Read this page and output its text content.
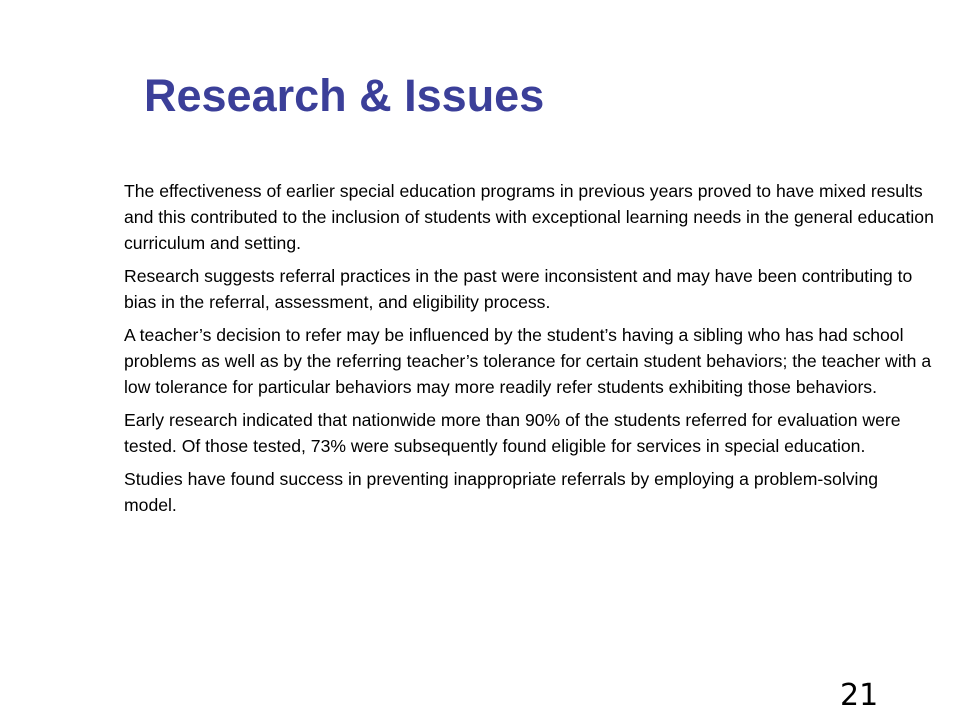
Research & Issues

The effectiveness of earlier special education programs in previous years proved to have mixed results and this contributed to the inclusion of students with exceptional learning needs in the general education curriculum and setting.

Research suggests referral practices in the past were inconsistent and may have been contributing to bias in the referral, assessment, and eligibility process.

A teacher’s decision to refer may be influenced by the student’s having a sibling who has had school problems as well as by the referring teacher’s tolerance for certain student behaviors; the teacher with a low tolerance for particular behaviors may more readily refer students exhibiting those behaviors.

Early research indicated that nationwide more than 90% of the students referred for evaluation were tested. Of those tested, 73% were subsequently found eligible for services in special education.

Studies have found success in preventing inappropriate referrals by employing a problem-solving model.

21
